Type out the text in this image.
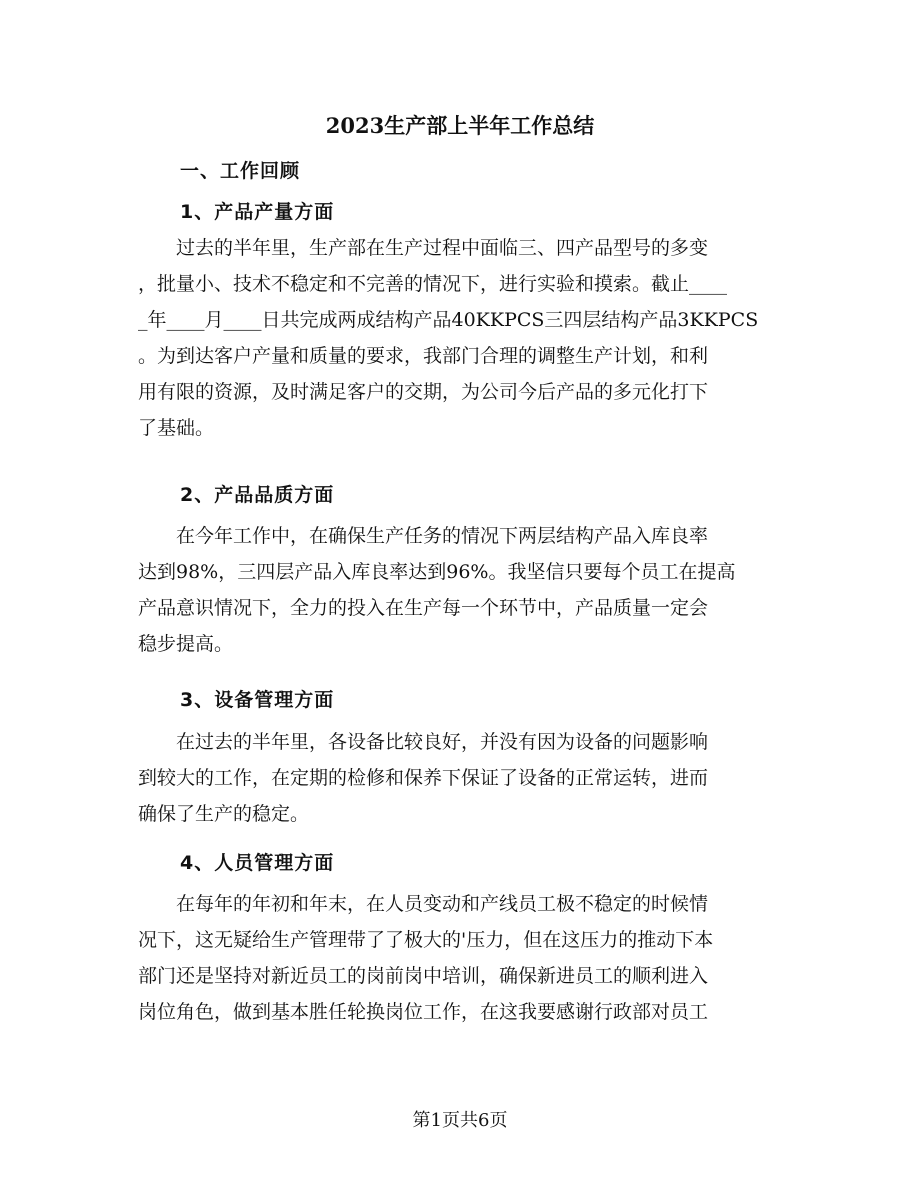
2023生产部上半年工作总结
一、工作回顾
1、产品产量方面
　　过去的半年里，生产部在生产过程中面临三、四产品型号的多变
，批量小、技术不稳定和不完善的情况下，进行实验和摸索。截止____
_年____月____日共完成两成结构产品40KKPCS三四层结构产品3KKPCS
。为到达客户产量和质量的要求，我部门合理的调整生产计划，和利
用有限的资源，及时满足客户的交期，为公司今后产品的多元化打下
了基础。
2、产品品质方面
　　在今年工作中，在确保生产任务的情况下两层结构产品入库良率
达到98%，三四层产品入库良率达到96%。我坚信只要每个员工在提高
产品意识情况下，全力的投入在生产每一个环节中，产品质量一定会
稳步提高。
3、设备管理方面
　　在过去的半年里，各设备比较良好，并没有因为设备的问题影响
到较大的工作，在定期的检修和保养下保证了设备的正常运转，进而
确保了生产的稳定。
4、人员管理方面
　　在每年的年初和年末，在人员变动和产线员工极不稳定的时候情
况下，这无疑给生产管理带了了极大的'压力，但在这压力的推动下本
部门还是坚持对新近员工的岗前岗中培训，确保新进员工的顺利进入
岗位角色，做到基本胜任轮换岗位工作，在这我要感谢行政部对员工
第1页共6页
